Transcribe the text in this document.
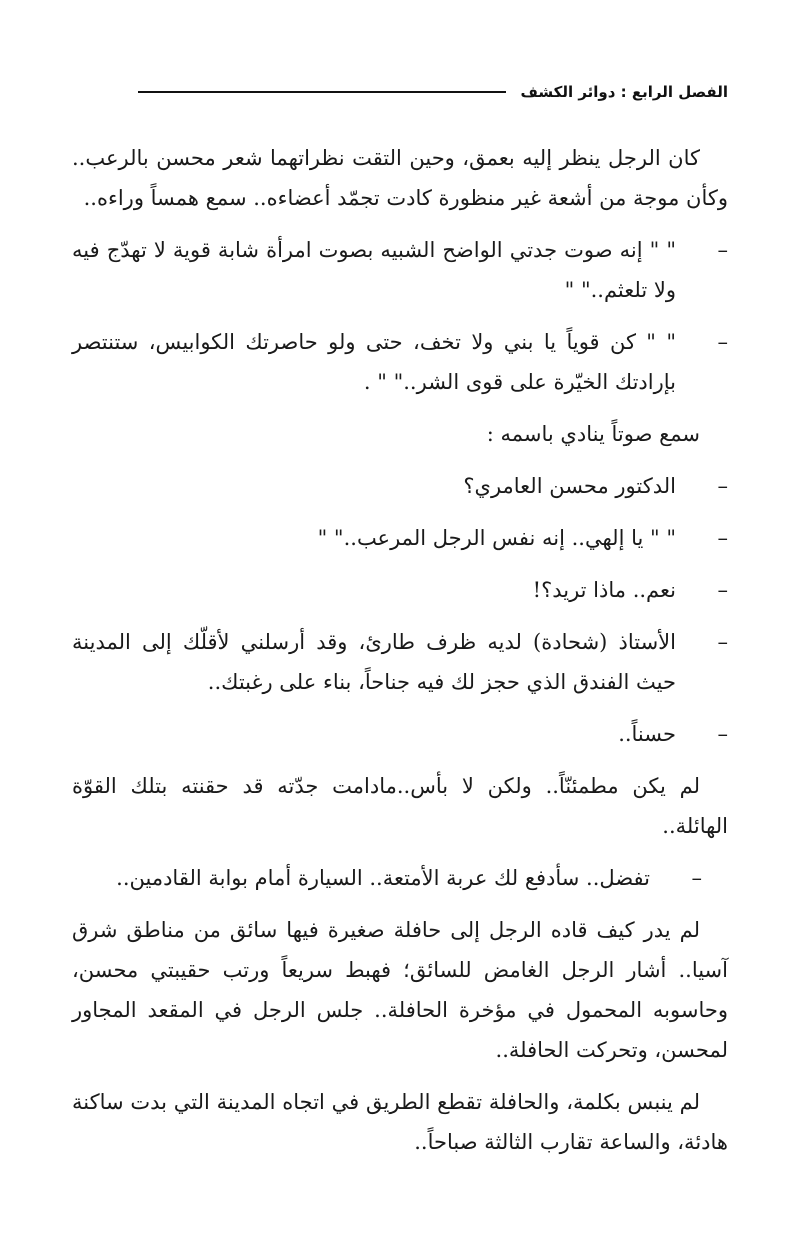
الفصل الرابع : دوائر الكشف

كان الرجل ينظر إليه بعمق، وحين التقت نظراتهما شعر محسن بالرعب.. وكأن موجة من أشعة غير منظورة كادت تجمّد أعضاءه.. سمع همساً وراءه..

–
" " إنه صوت جدتي الواضح الشبيه بصوت امرأة شابة قوية لا تهدّج فيه ولا تلعثم.." "
–
" " كن قوياً يا بني ولا تخف، حتى ولو حاصرتك الكوابيس، ستنتصر بإرادتك الخيّرة على قوى الشر.." " .

سمع صوتاً ينادي باسمه :

–
الدكتور محسن العامري؟
–
" " يا إلهي.. إنه نفس الرجل المرعب.." "
–
نعم.. ماذا تريد؟!
–
الأستاذ (شحادة) لديه ظرف طارئ، وقد أرسلني لأقلّك إلى المدينة حيث الفندق الذي حجز لك فيه جناحاً، بناء على رغبتك..
–
حسناً..

لم يكن مطمئنّاً.. ولكن لا بأس..مادامت جدّته قد حقنته بتلك القوّة الهائلة..

–
تفضل.. سأدفع لك عربة الأمتعة.. السيارة أمام بوابة القادمين..

لم يدر كيف قاده الرجل إلى حافلة صغيرة فيها سائق من مناطق شرق آسيا.. أشار الرجل الغامض للسائق؛ فهبط سريعاً ورتب حقيبتي محسن، وحاسوبه المحمول في مؤخرة الحافلة.. جلس الرجل في المقعد المجاور لمحسن، وتحركت الحافلة..

لم ينبس بكلمة، والحافلة تقطع الطريق في اتجاه المدينة التي بدت ساكنة هادئة، والساعة تقارب الثالثة صباحاً..
